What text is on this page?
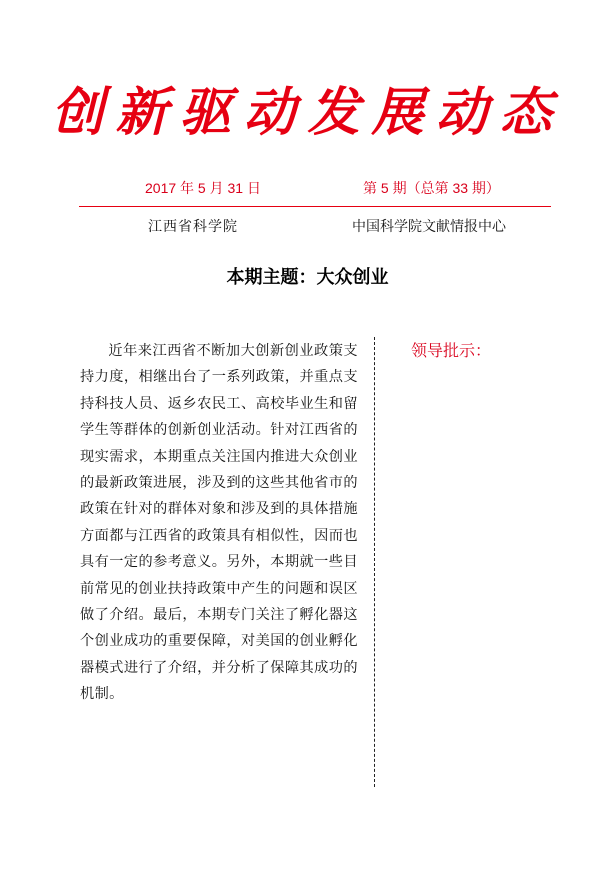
创新驱动发展动态
2017 年 5 月 31 日	第 5 期（总第 33 期）
江西省科学院	中国科学院文献情报中心
本期主题：大众创业
近年来江西省不断加大创新创业政策支持力度，相继出台了一系列政策，并重点支持科技人员、返乡农民工、高校毕业生和留学生等群体的创新创业活动。针对江西省的现实需求，本期重点关注国内推进大众创业的最新政策进展，涉及到的这些其他省市的政策在针对的群体对象和涉及到的具体措施方面都与江西省的政策具有相似性，因而也具有一定的参考意义。另外，本期就一些目前常见的创业扶持政策中产生的问题和误区做了介绍。最后，本期专门关注了孵化器这个创业成功的重要保障，对美国的创业孵化器模式进行了介绍，并分析了保障其成功的机制。
领导批示：
